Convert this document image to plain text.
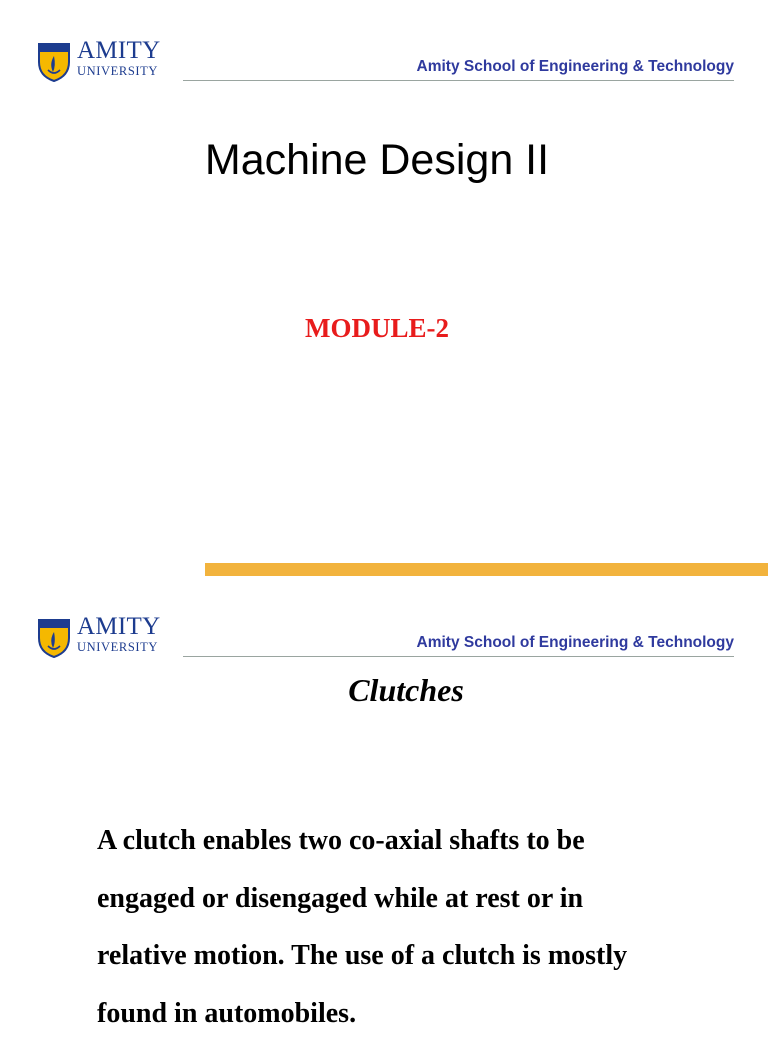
AMITY
UNIVERSITY	Amity School of Engineering & Technology
Machine Design II
MODULE-2
AMITY
UNIVERSITY	Amity School of Engineering & Technology
Clutches

A clutch enables two co-axial shafts to be

engaged or disengaged while at rest or in

relative motion. The use of a clutch is mostly

found in automobiles.
